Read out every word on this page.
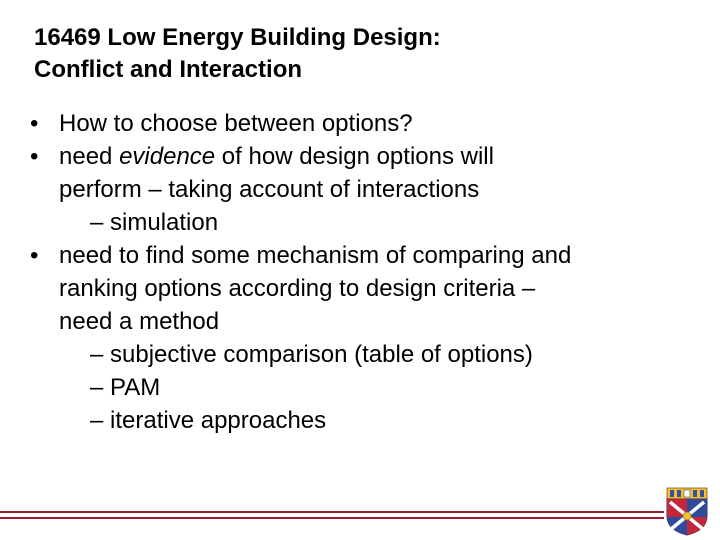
16469 Low Energy Building Design:
Conflict and Interaction
• How to choose between options?
• need evidence of how design options will
perform – taking account of interactions
– simulation
• need to find some mechanism of comparing and
ranking options according to design criteria –
need a method
– subjective comparison (table of options)
– PAM
– iterative approaches
